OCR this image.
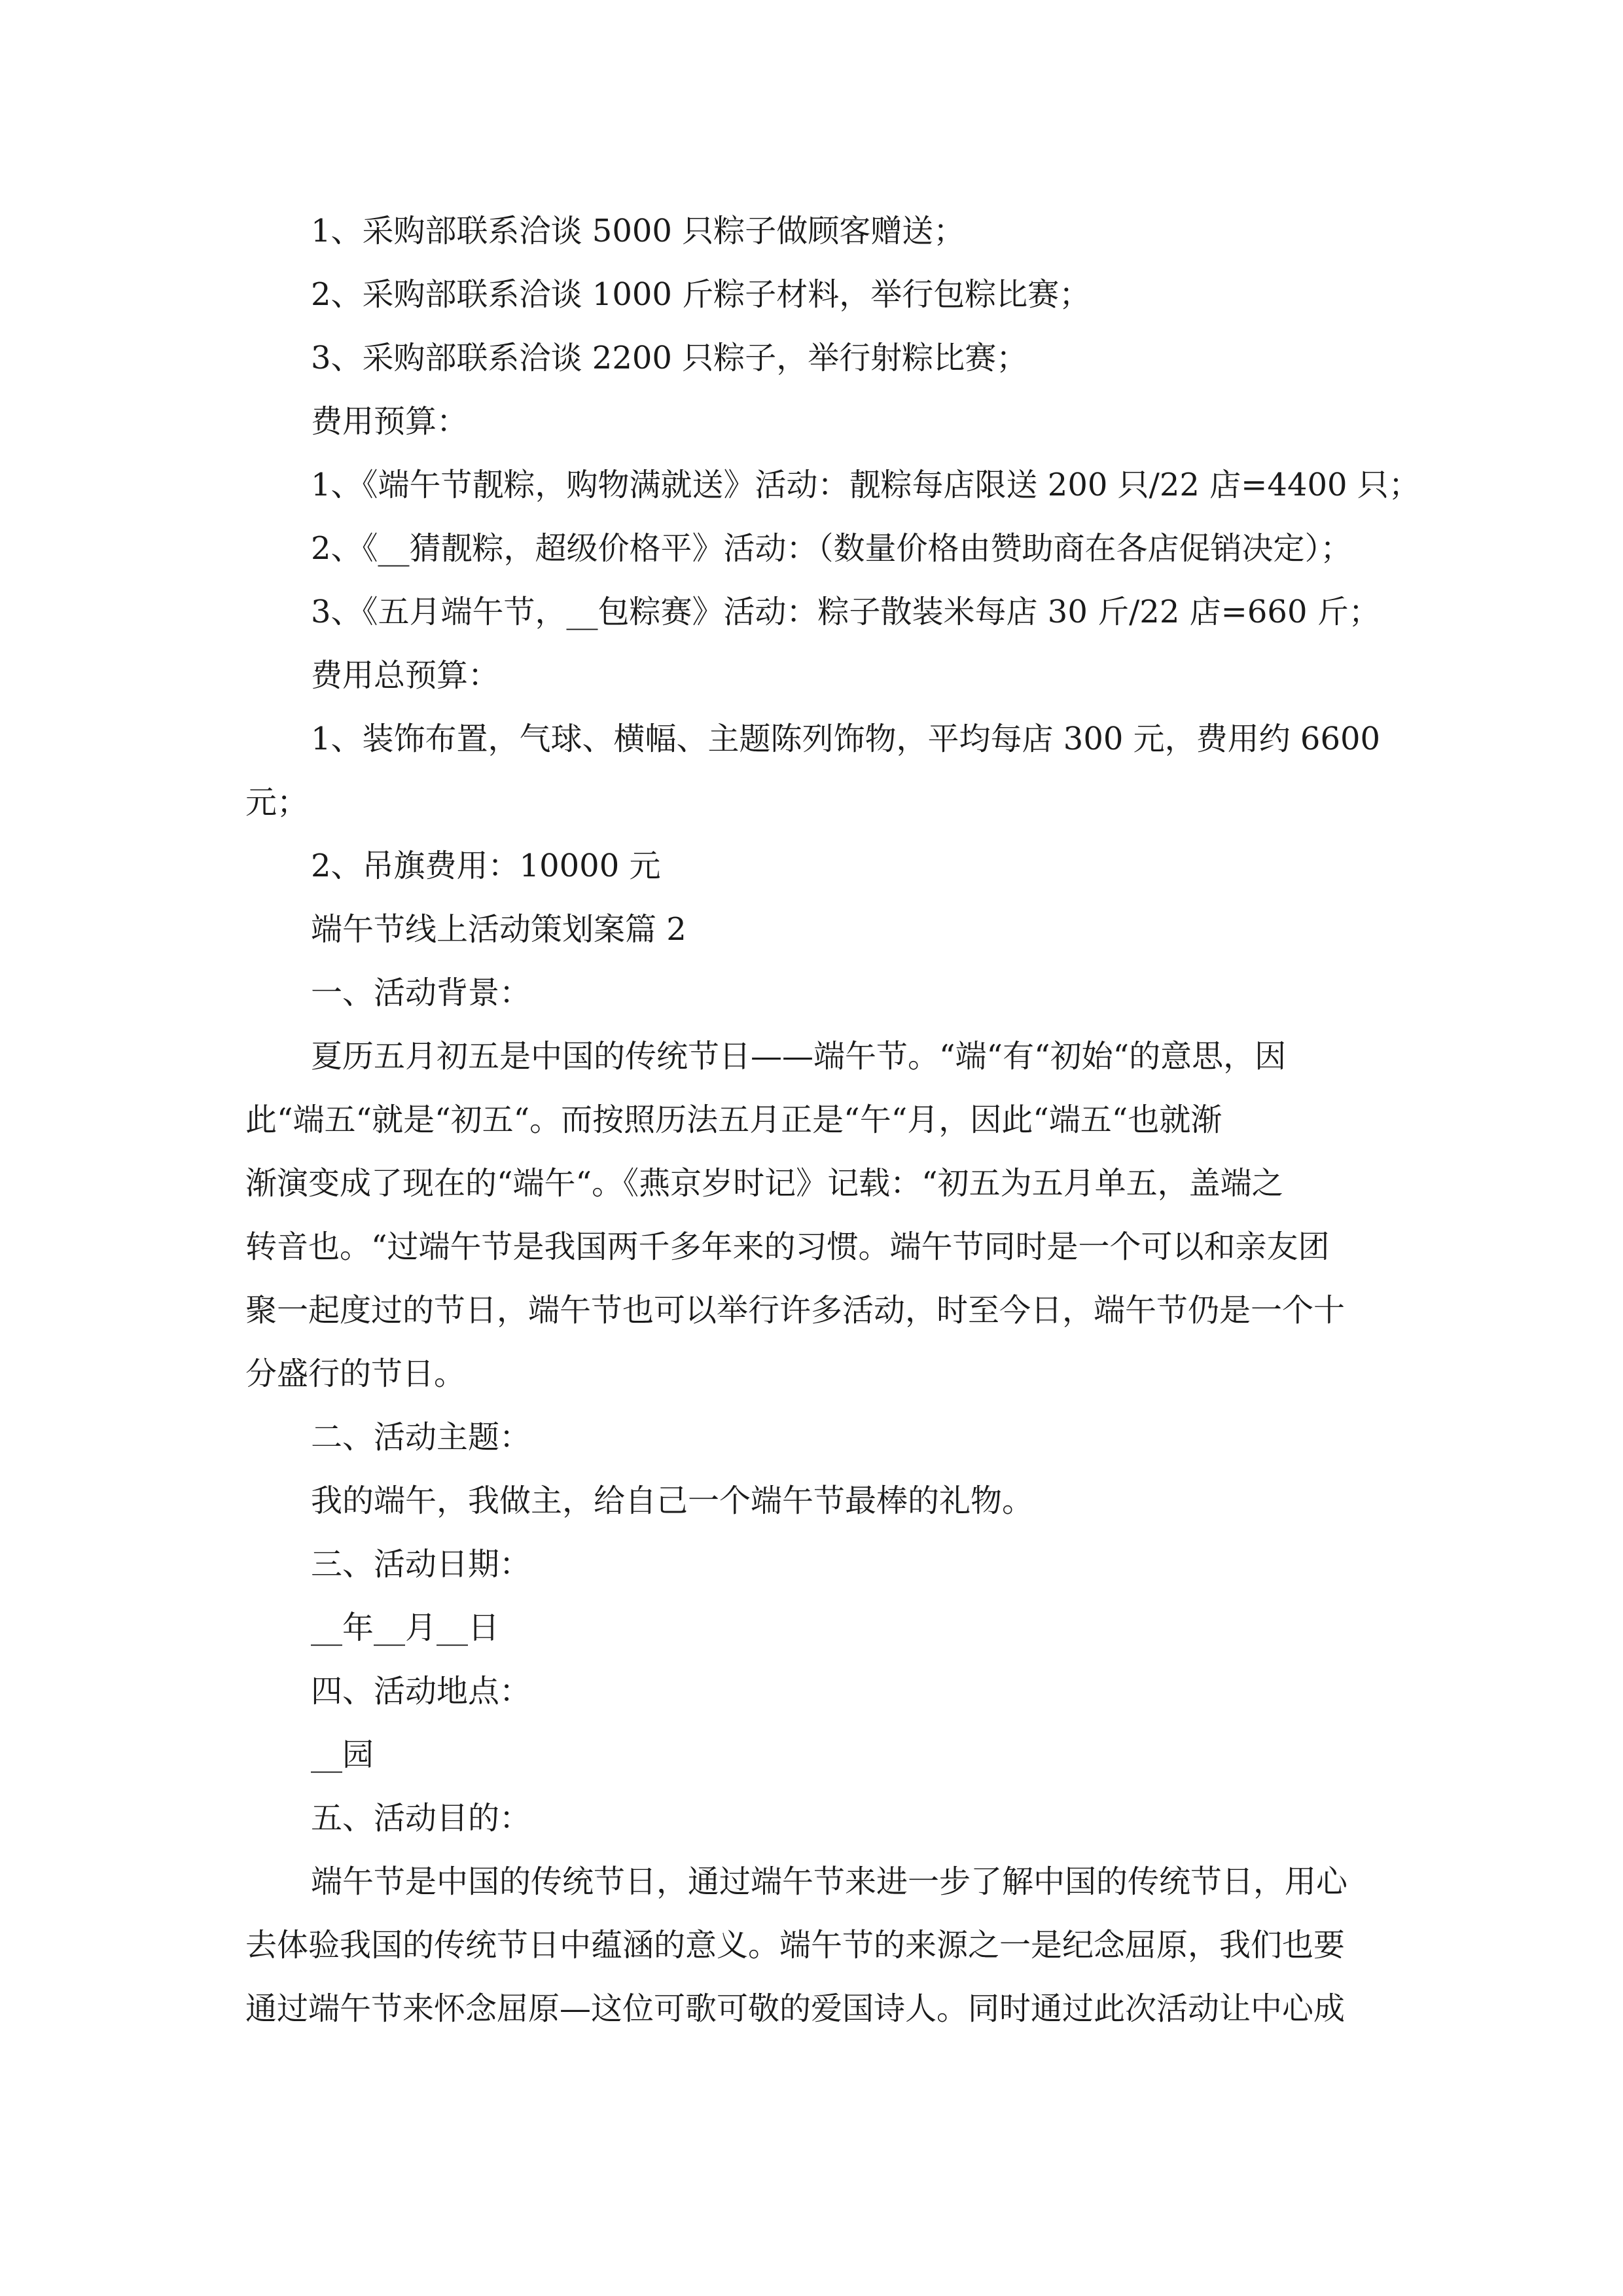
1、采购部联系洽谈 5000 只粽子做顾客赠送；
2、采购部联系洽谈 1000 斤粽子材料，举行包粽比赛；
3、采购部联系洽谈 2200 只粽子，举行射粽比赛；
费用预算：
1、《端午节靓粽，购物满就送》活动：靓粽每店限送 200 只/22 店=4400 只；
2、《__猜靓粽，超级价格平》活动：（数量价格由赞助商在各店促销决定）；
3、《五月端午节，__包粽赛》活动：粽子散装米每店 30 斤/22 店=660 斤；
费用总预算：
1、装饰布置，气球、横幅、主题陈列饰物，平均每店 300 元，费用约 6600
元；
2、吊旗费用：10000 元
端午节线上活动策划案篇 2
一、活动背景：
夏历五月初五是中国的传统节日——端午节。“端“有“初始“的意思，因
此“端五“就是“初五“。而按照历法五月正是“午“月，因此“端五“也就渐
渐演变成了现在的“端午“。《燕京岁时记》记载：“初五为五月单五，盖端之
转音也。“过端午节是我国两千多年来的习惯。端午节同时是一个可以和亲友团
聚一起度过的节日，端午节也可以举行许多活动，时至今日，端午节仍是一个十
分盛行的节日。
二、活动主题：
我的端午，我做主，给自己一个端午节最棒的礼物。
三、活动日期：
__年__月__日
四、活动地点：
__园
五、活动目的：
端午节是中国的传统节日，通过端午节来进一步了解中国的传统节日，用心
去体验我国的传统节日中蕴涵的意义。端午节的来源之一是纪念屈原，我们也要
通过端午节来怀念屈原—这位可歌可敬的爱国诗人。同时通过此次活动让中心成
